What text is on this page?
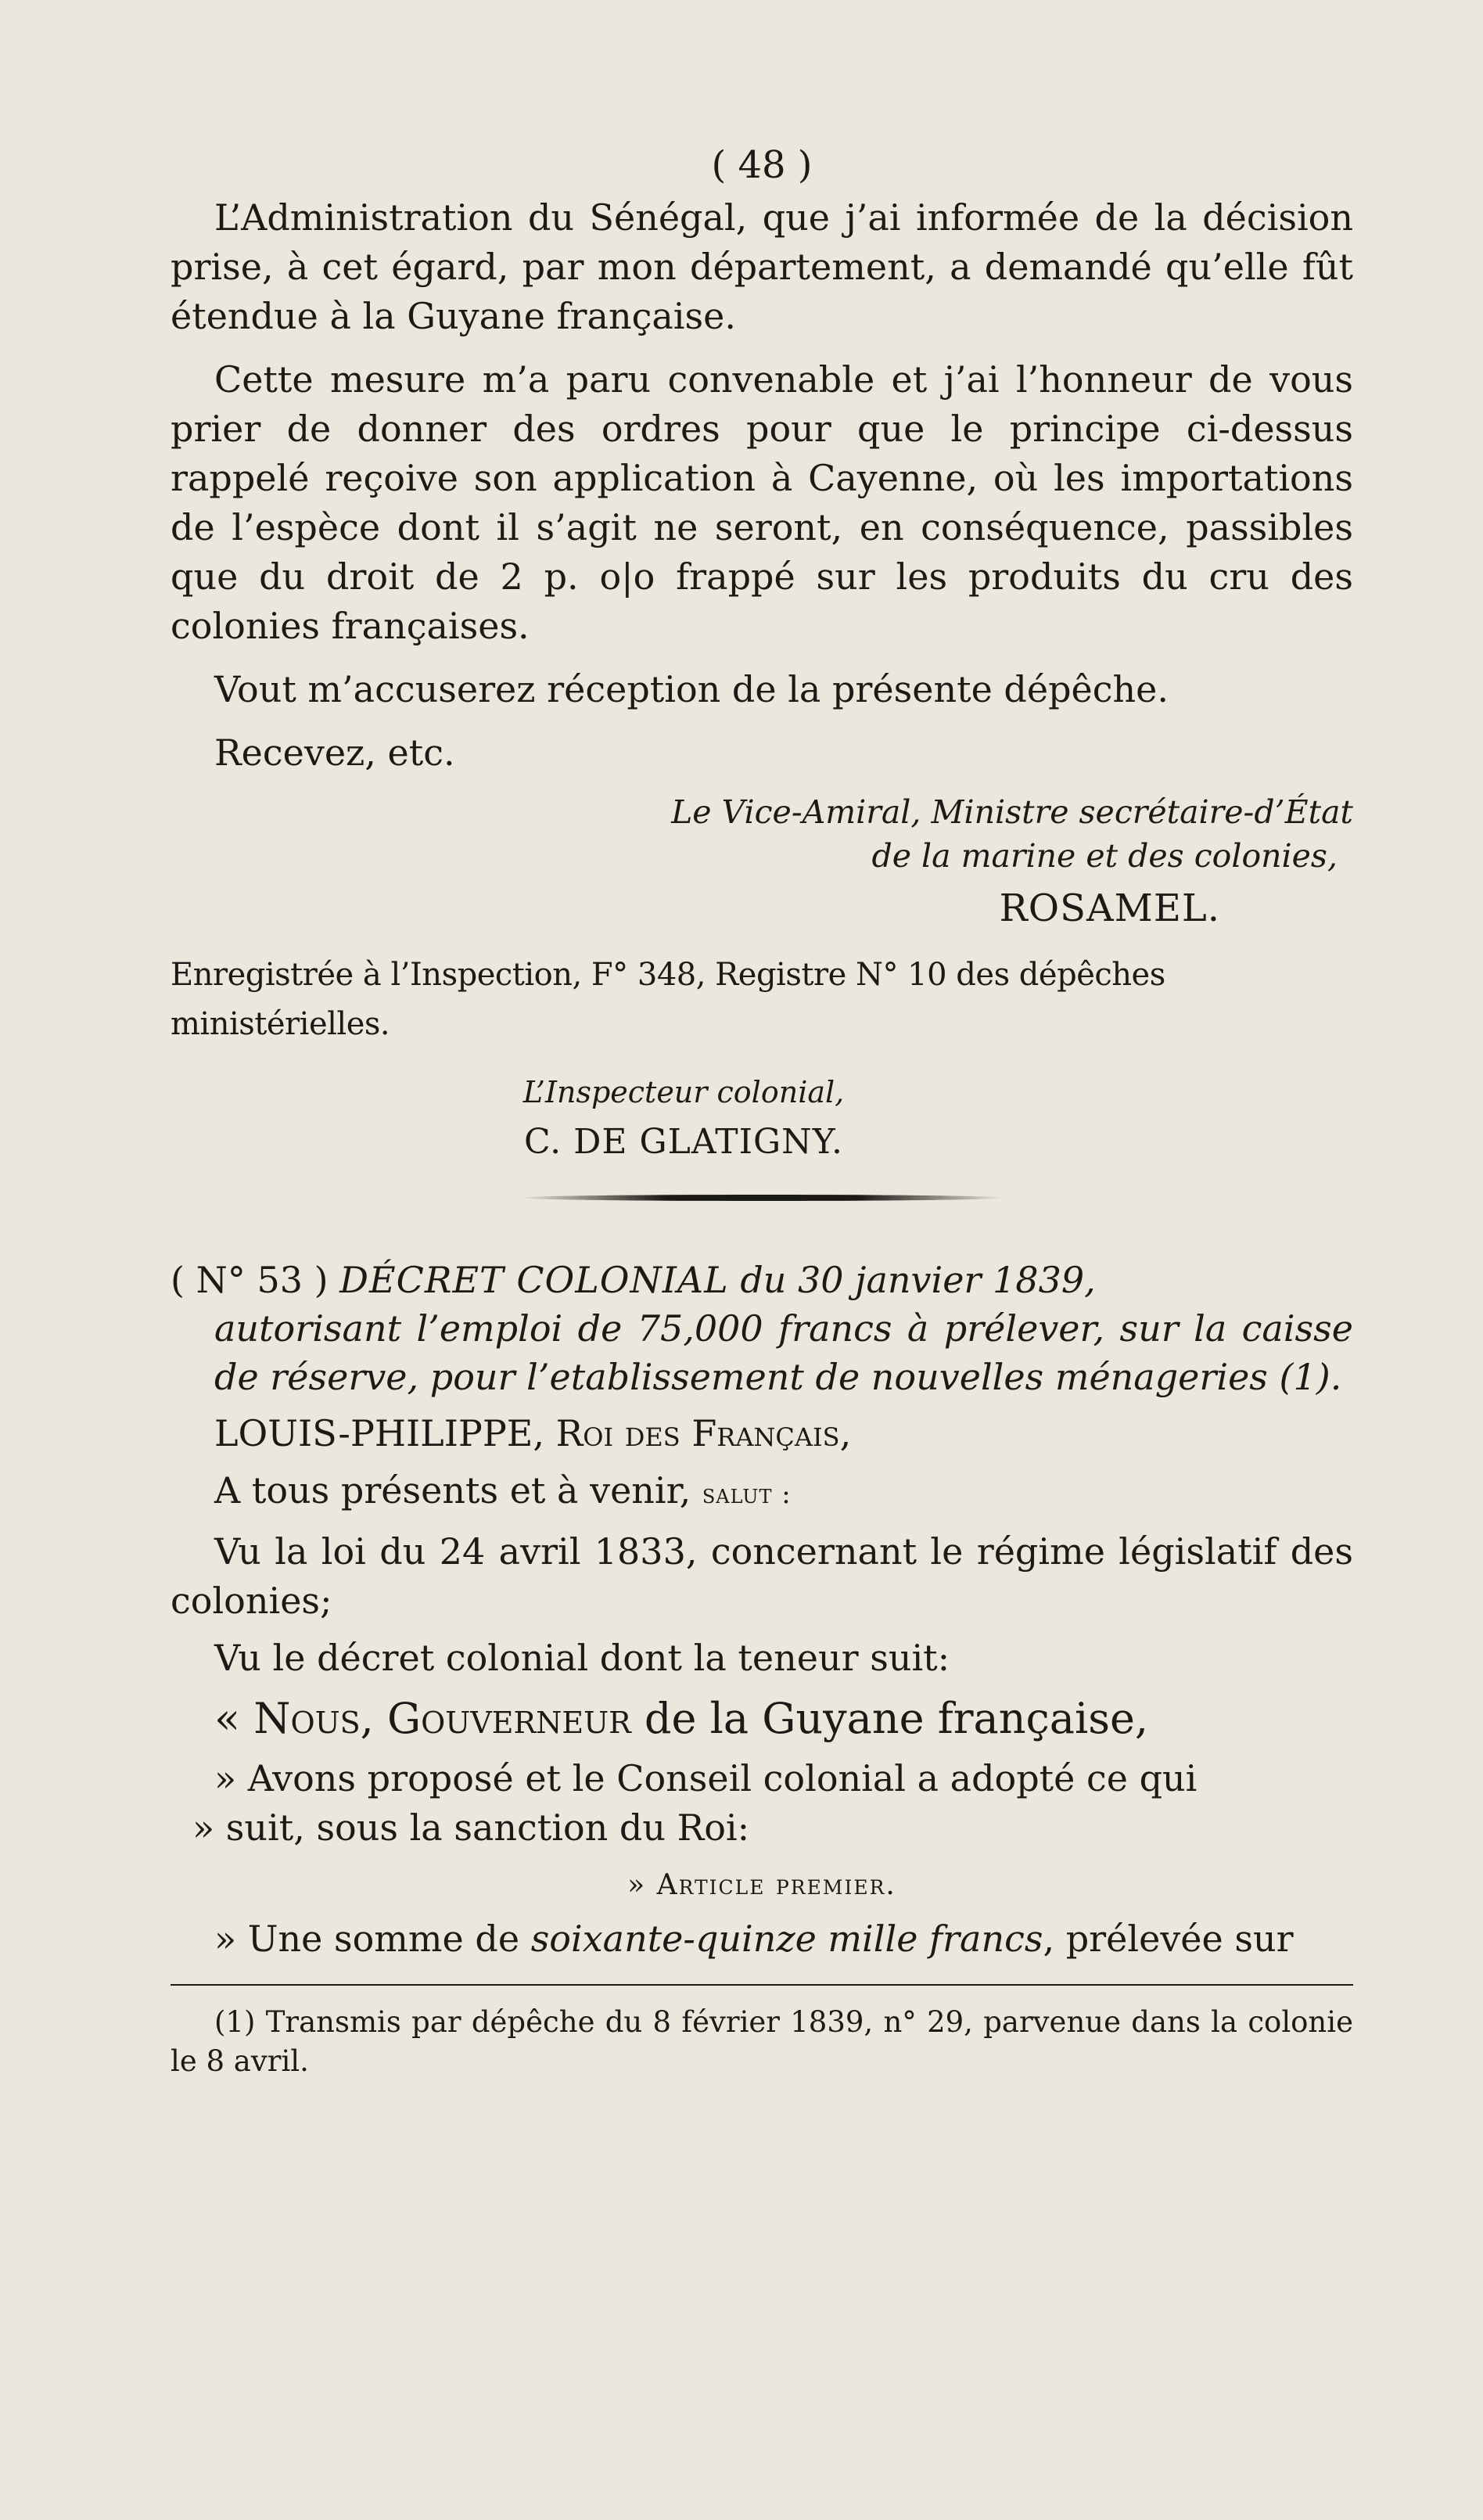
( 48 )

L’Administration du Sénégal, que j’ai informée de la décision prise, à cet égard, par mon département, a demandé qu’elle fût étendue à la Guyane française.

Cette mesure m’a paru convenable et j’ai l’honneur de vous prier de donner des ordres pour que le principe ci-dessus rappelé reçoive son application à Cayenne, où les importations de l’espèce dont il s’agit ne seront, en conséquence, passibles que du droit de 2 p. o|o frappé sur les produits du cru des colonies françaises.

Vout m’accuserez réception de la présente dépêche.

Recevez, etc.

Le Vice-Amiral, Ministre secrétaire-d’État
de la marine et des colonies,
ROSAMEL.
Enregistrée à l’Inspection, F° 348, Registre N° 10 des dépêches ministérielles.
L’Inspecteur colonial,
C. DE GLATIGNY.
( N° 53 ) DÉCRET COLONIAL du 30 janvier 1839,
autorisant l’emploi de 75,000 francs à prélever, sur la caisse de réserve, pour l’etablissement de nouvelles ménageries (1).

LOUIS-PHILIPPE, Roi des Français,

A tous présents et à venir, salut :

Vu la loi du 24 avril 1833, concernant le régime législatif des colonies;

Vu le décret colonial dont la teneur suit:

« Nous, Gouverneur de la Guyane française,

» Avons proposé et le Conseil colonial a adopté ce qui

» suit, sous la sanction du Roi:

» Article premier.

» Une somme de soixante-quinze mille francs, prélevée sur

(1) Transmis par dépêche du 8 février 1839, n° 29, parvenue dans la colonie le 8 avril.
